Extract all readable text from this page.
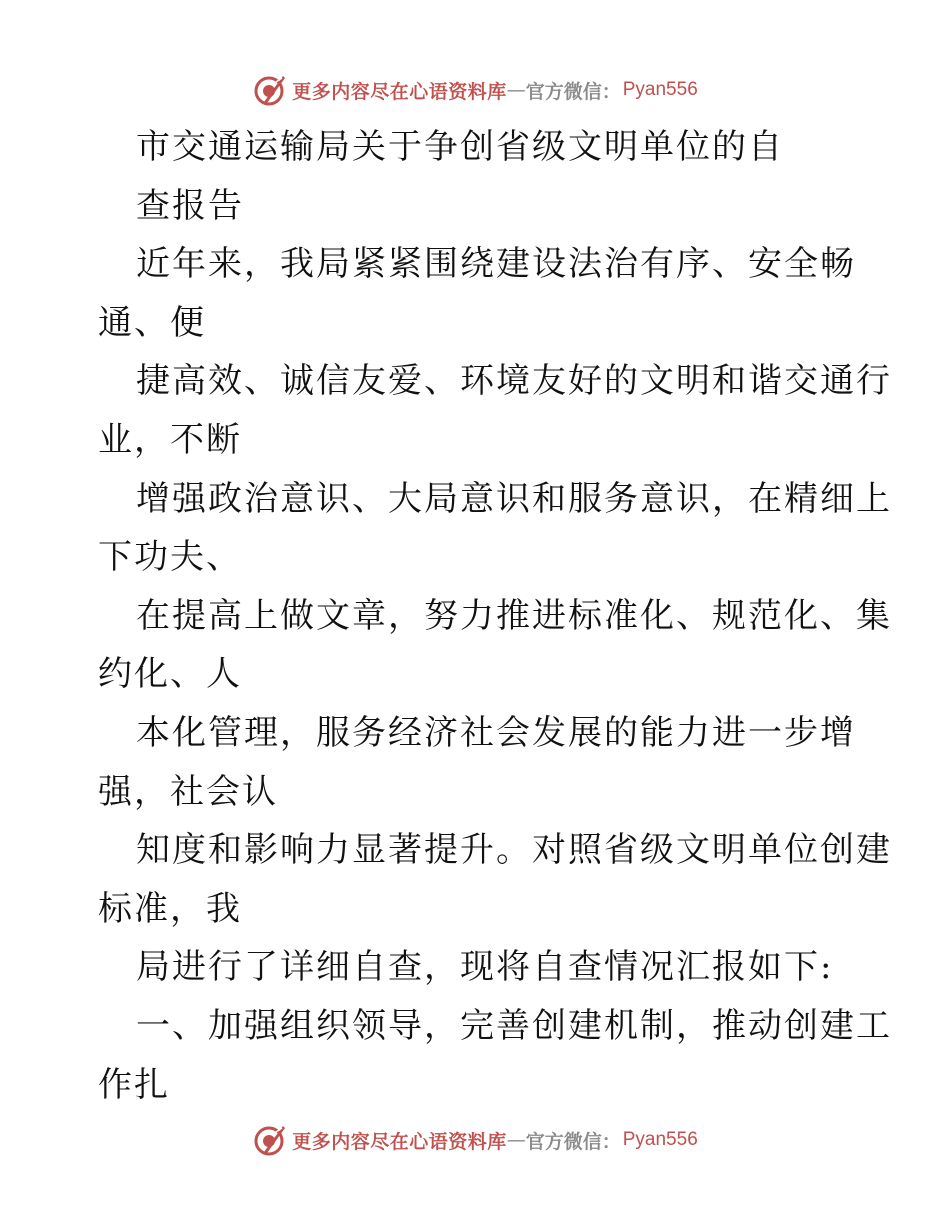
更多内容尽在心语资料库 — 官方微信： Pyan556
市交通运输局关于争创省级文明单位的自
查报告
近年来，我局紧紧围绕建设法治有序、安全畅
通、便
捷高效、诚信友爱、环境友好的文明和谐交通行
业，不断
增强政治意识、大局意识和服务意识，在精细上
下功夫、
在提高上做文章，努力推进标准化、规范化、集
约化、人
本化管理，服务经济社会发展的能力进一步增
强，社会认
知度和影响力显著提升。对照省级文明单位创建
标准，我
局进行了详细自查，现将自查情况汇报如下:
一、加强组织领导，完善创建机制，推动创建工
作扎
更多内容尽在心语资料库 — 官方微信： Pyan556
